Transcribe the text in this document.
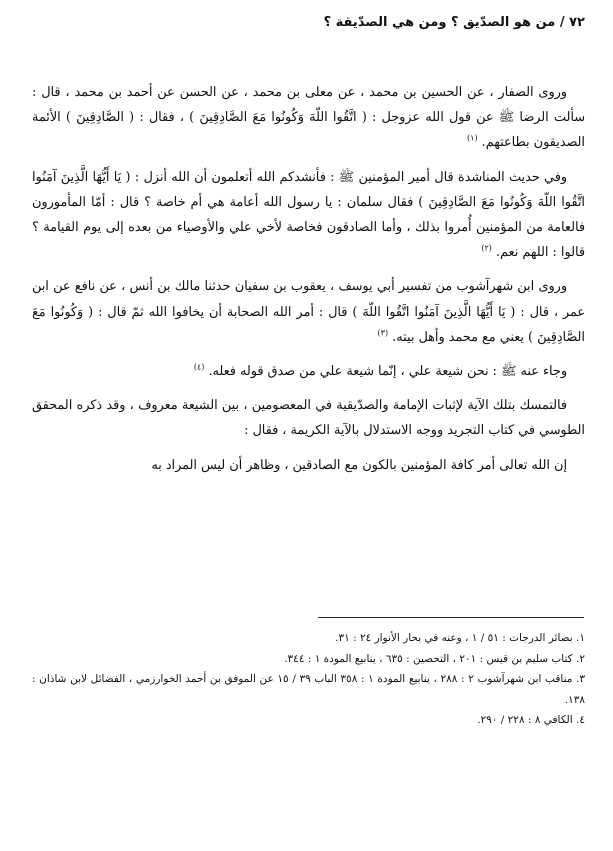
٧٢ / من هو الصدّيق ؟ ومن هي الصدّيقة ؟

وروى الصفار ، عن الحسين بن محمد ، عن معلى بن محمد ، عن الحسن عن أحمد بن محمد ، قال : سألت الرضا ﷺ عن قول الله عزوجل : ( اتَّقُوا اللّهَ وَكُونُوا مَعَ الصَّادِقِينَ ) ، فقال : ( الصَّادِقِينَ ) الأئمة الصديقون بطاعتهم. $^{(١)}$

وفي حديث المناشدة قال أمير المؤمنين ﷺ : فأنشدكم الله أتعلمون أن الله أنزل : ( يَا أَيُّهَا الَّذِينَ آمَنُوا اتَّقُوا اللّهَ وَكُونُوا مَعَ الصَّادِقِينَ ) فقال سلمان : يا رسول الله أعامة هي أم خاصة ؟ قال : أمّا المأمورون فالعامة من المؤمنين أُمروا بذلك ، وأما الصادقون فخاصة لأخي علي والأوصياء من بعده إلى يوم القيامة ؟ قالوا : اللهم نعم. $^{(٢)}$

وروى ابن شهرآشوب من تفسير أبي يوسف ، يعقوب بن سفيان حدثنا مالك بن أنس ، عن نافع عن ابن عمر ، قال : ( يَا أَيُّهَا الَّذِينَ آمَنُوا اتَّقُوا اللّهَ ) قال : أمر الله الصحابة أن يخافوا الله ثمّ قال : ( وَكُونُوا مَعَ الصَّادِقِينَ ) يعني مع محمد وأهل بيته. $^{(٣)}$

وجاء عنه ﷺ : نحن شيعة علي ، إنّما شيعة علي من صدق قوله فعله. $^{(٤)}$

فالتمسك بتلك الآية لإثبات الإمامة والصدّيقية في المعصومين ، بين الشيعة معروف ، وقد ذكره المحقق الطوسي في كتاب التجريد ووجه الاستدلال بالآية الكريمة ، فقال :

إن الله تعالى أمر كافة المؤمنين بالكون مع الصادقين ، وظاهر أن ليس المراد به

١. بصائر الدرجات : ٥١ / ١ ، وعنه في بحار الأنوار ٢٤ : ٣١.

٢. كتاب سليم بن قيس : ٢٠١ ، التحصين : ٦٣٥ ، ينابيع المودة ١ : ٣٤٤.

٣. مناقب ابن شهرآشوب ٢ : ٢٨٨ ، ينابيع المودة ١ : ٣٥٨ الباب ٣٩ / ١٥ عن الموفق بن أحمد الخوارزمي ، الفضائل لابن شاذان : ١٣٨.

٤. الكافي ٨ : ٢٢٨ / ٢٩٠.
